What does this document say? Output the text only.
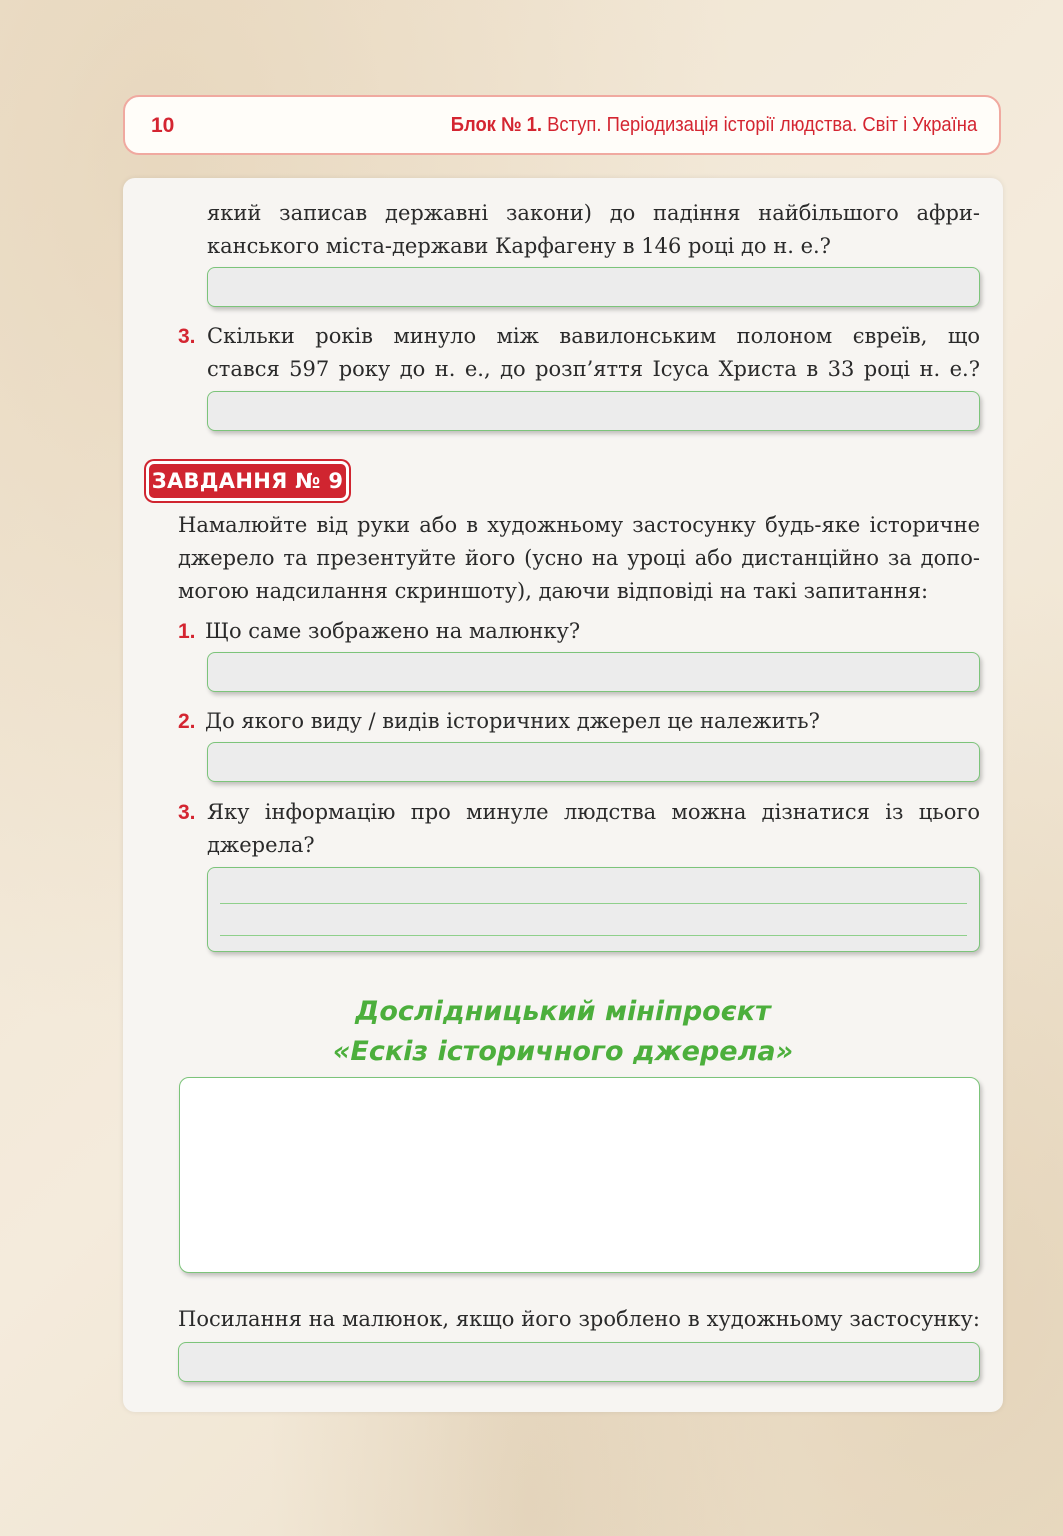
10	Блок № 1. Вступ. Періодизація історії людства. Світ і Україна
який записав державні закони) до падіння найбільшого афри-
канського міста-держави Карфагену в 146 році до н. е.?
3. Скільки років минуло між вавилонським полоном євреїв, що
стався 597 року до н. е., до розп’яття Ісуса Христа в 33 році н. е.?
ЗАВДАННЯ № 9
Намалюйте від руки або в художньому застосунку будь-яке історичне
джерело та презентуйте його (усно на уроці або дистанційно за допо-
могою надсилання скриншоту), даючи відповіді на такі запитання:
1. Що саме зображено на малюнку?
2. До якого виду / видів історичних джерел це належить?
3. Яку інформацію про минуле людства можна дізнатися із цього
джерела?
Дослідницький мініпроєкт
«Ескіз історичного джерела»
Посилання на малюнок, якщо його зроблено в художньому застосунку:
